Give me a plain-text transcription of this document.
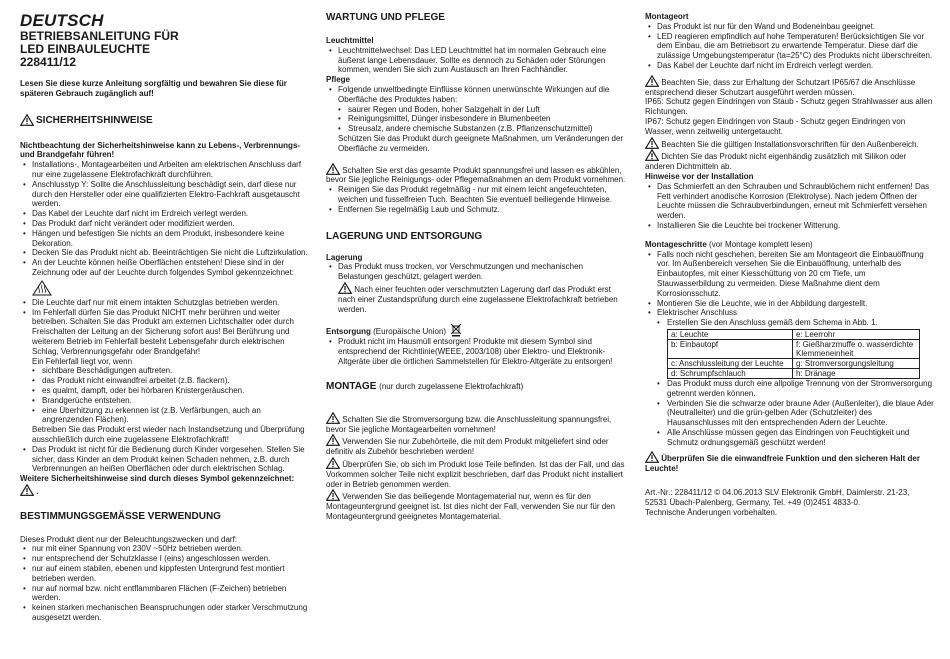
DEUTSCH
BETRIEBSANLEITUNG FÜR
LED EINBAULEUCHTE
228411/12

Lesen Sie diese kurze Anleitung sorgfältig und bewahren Sie diese für späteren Gebrauch zugänglich auf!

SICHERHEITSHINWEISE

Nichtbeachtung der Sicherheitshinweise kann zu Lebens-, Verbrennungs- und Brandgefahr führen!

• Installations-, Montagearbeiten und Arbeiten am elektrischen Anschluss darf nur eine zugelassene Elektrofachkraft durchführen.
• Anschlusstyp Y: Sollte die Anschlussleitung beschädigt sein, darf diese nur durch den Hersteller oder eine qualifizierten Elektro-Fachkraft ausgetauscht werden.
• Das Kabel der Leuchte darf nicht im Erdreich verlegt werden.
• Das Produkt darf nicht verändert oder modifiziert werden.
• Hängen und befestigen Sie nichts an dem Produkt, insbesondere keine Dekoration.
• Decken Sie das Produkt nicht ab. Beeinträchtigen Sie nicht die Luftzirkulation.
• An der Leuchte können heiße Oberflächen entstehen! Diese sind in der Zeichnung oder auf der Leuchte durch folgendes Symbol gekennzeichnet:
• Die Leuchte darf nur mit einem intakten Schutzglas betrieben werden.
• Im Fehlerfall dürfen Sie das Produkt NICHT mehr berühren und weiter betreiben. Schalten Sie das Produkt am externen Lichtschalter oder durch Freischalten der Leitung an der Sicherung sofort aus! Bei Berührung und weiterem Betrieb im Fehlerfall besteht Lebensgefahr durch elektrischen Schlag, Verbrennungsgefahr oder Brandgefahr!

Ein Fehlerfall liegt vor, wenn

• sichtbare Beschädigungen auftreten.
• das Produkt nicht einwandfrei arbeitet (z.B. flackern).
• es qualmt, dampft, oder bei hörbaren Knistergeräuschen.
• Brandgerüche entstehen.
• eine Überhitzung zu erkennen ist (z.B. Verfärbungen, auch an angrenzenden Flächen).

Betreiben Sie das Produkt erst wieder nach Instandsetzung und Überprüfung ausschließlich durch eine zugelassene Elektrofachkraft!

• Das Produkt ist nicht für die Bedienung durch Kinder vorgesehen. Stellen Sie sicher, dass Kinder an dem Produkt keinen Schaden nehmen, z.B. durch Verbrennungen an heißen Oberflächen oder durch elektrischen Schlag.

Weitere Sicherheitshinweise sind durch dieses Symbol gekennzeichnet:

.

BESTIMMUNGSGEMÄSSE VERWENDUNG

Dieses Produkt dient nur der Beleuchtungszwecken und darf:

• nur mit einer Spannung von 230V ~50Hz betrieben werden.
• nur entsprechend der Schutzklasse I (eins) angeschlossen werden.
• nur auf einem stabilen, ebenen und kippfesten Untergrund fest montiert betrieben werden.
• nur auf normal bzw. nicht entflammbaren Flächen (F-Zeichen) betrieben werden.
• keinen starken mechanischen Beanspruchungen oder starker Verschmutzung ausgesetzt werden.
WARTUNG UND PFLEGE

Leuchtmittel

• Leuchtmittelwechsel: Das LED Leuchtmittel hat im normalen Gebrauch eine äußerst lange Lebensdauer. Sollte es dennoch zu Schäden oder Störungen kommen, wenden Sie sich zum Austausch an Ihren Fachhändler.

Pflege

• Folgende unweltbedingte Einflüsse können unerwünschte Wirkungen auf die Oberfläche des Produktes haben:
• saurer Regen und Boden, hoher Salzgehalt in der Luft
• Reinigungsmittel, Dünger insbesondere in Blumenbeeten
• Streusalz, andere chemische Substanzen (z.B. Pflanzenschutzmittel)

Schützen Sie das Produkt durch geeignete Maßnahmen, um Veränderungen der Oberfläche zu vermeiden.

Schalten Sie erst das gesamte Produkt spannungsfrei und lassen es abkühlen, bevor Sie jegliche Reinigungs- oder Pflegemaßnahmen an dem Produkt vornehmen.

• Reinigen Sie das Produkt regelmäßig - nur mit einem leicht angefeuchteten, weichen und fusselfreien Tuch. Beachten Sie eventuell beiliegende Hinweise.
• Entfernen Sie regelmäßig Laub und Schmutz.
LAGERUNG UND ENTSORGUNG

Lagerung

• Das Produkt muss trocken, vor Verschmutzungen und mechanischen Belastungen geschützt, gelagert werden.

Nach einer feuchten oder verschmutzten Lagerung darf das Produkt erst nach einer Zustandsprüfung durch eine zugelassene Elektrofachkraft betrieben werden.

Entsorgung (Europäische Union)

• Produkt nicht im Hausmüll entsorgen! Produkte mit diesem Symbol sind entsprechend der Richtlinie(WEEE, 2003/108) über Elektro- und Elektronik-Altgeräte über die örtlichen Sammelstellen für Elektro-Altgeräte zu entsorgen!
MONTAGE (nur durch zugelassene Elektrofachkraft)

Schalten Sie die Stromversorgung bzw. die Anschlussleitung spannungsfrei, bevor Sie jegliche Montagearbeiten vornehmen!

Verwenden Sie nur Zubehörteile, die mit dem Produkt mitgeliefert sind oder definitiv als Zubehör beschrieben werden!

Überprüfen Sie, ob sich im Produkt lose Teile befinden. Ist das der Fall, und das Vorkommen solcher Teile nicht explizit beschrieben, darf das Produkt nicht installiert oder in Betrieb genommen werden.

Verwenden Sie das beiliegende Montagematerial nur, wenn es für den Montageuntergrund geeignet ist. Ist dies nicht der Fall, verwenden Sie nur für den Montageuntergrund geeignetes Montagematerial.

Montageort

• Das Produkt ist nur für den Wand und Bodeneinbau geeignet.
• LED reagieren empfindlich auf hohe Temperaturen! Berücksichtigen Sie vor dem Einbau, die am Betriebsort zu erwartende Temperatur. Diese darf die zulässige Umgebungstemperatur (ta=25°C) des Produkts nicht überschreiten.
• Das Kabel der Leuchte darf nicht im Erdreich verlegt werden.

Beachten Sie, dass zur Erhaltung der Schutzart IP65/67 die Anschlüsse entsprechend dieser Schutzart ausgeführt werden müssen.

IP65: Schutz gegen Eindringen von Staub - Schutz gegen Strahlwasser aus allen Richtungen.

IP67: Schutz gegen Eindringen von Staub - Schutz gegen Eindringen von Wasser, wenn zeitweilig untergetaucht.

Beachten Sie die gültigen Installationsvorschriften für den Außenbereich.

Dichten Sie das Produkt nicht eigenhändig zusätzlich mit Silikon oder anderen Dichtmitteln ab.

Hinweise vor der Installation

• Das Schmierfett an den Schrauben und Schraublöchern nicht entfernen! Das Fett verhindert anodische Korrosion (Elektrolyse). Nach jedem Öffnen der Leuchte müssen die Schraubverbindungen, erneut mit Schmierfett versehen werden.
• Installieren Sie die Leuchte bei trockener Witterung.

Montageschritte (vor Montage komplett lesen)

• Falls noch nicht geschehen, bereiten Sie am Montageort die Einbauöffnung vor. Im Außenbereich versehen Sie die Einbauöffnung, unterhalb des Einbautopfes, mit einer Kiesschüttung von 20 cm Tiefe, um Stauwasserbildung zu vermeiden. Diese Maßnahme dient dem Korrosionsschutz.
• Montieren Sie die Leuchte, wie in der Abbildung dargestellt.
• Elektrischer Anschluss
• Erstellen Sie den Anschluss gemäß dem Schema in Abb. 1.
a: Leuchte	e: Leerrohr
b: Einbautopf	f: Gießharzmuffe o. wasserdichte Klemmeneinheit
c: Anschlussleitung der Leuchte	g: Stromversorgungsleitung
d: Schrumpfschlauch	h: Dränage
• Das Produkt muss durch eine allpolige Trennung von der Stromversorgung getrennt werden können.
• Verbinden Sie die schwarze oder braune Ader (Außenleiter), die blaue Ader (Neutralleiter) und die grün-gelben Ader (Schutzleiter) des Hausanschlusses mit den entsprechenden Adern der Leuchte.
• Alle Anschlüsse müssen gegen das Eindringen von Feuchtigkeit und Schmutz ordnungsgemäß geschützt werden!

Überprüfen Sie die einwandfreie Funktion und den sicheren Halt der Leuchte!

Art.-Nr.: 228411/12 © 04.06.2013 SLV Elektronik GmbH, Daimlerstr. 21-23,

52531 Übach-Palenberg, Germany, Tel. +49 (0)2451 4833-0.

Technische Änderungen vorbehalten.
